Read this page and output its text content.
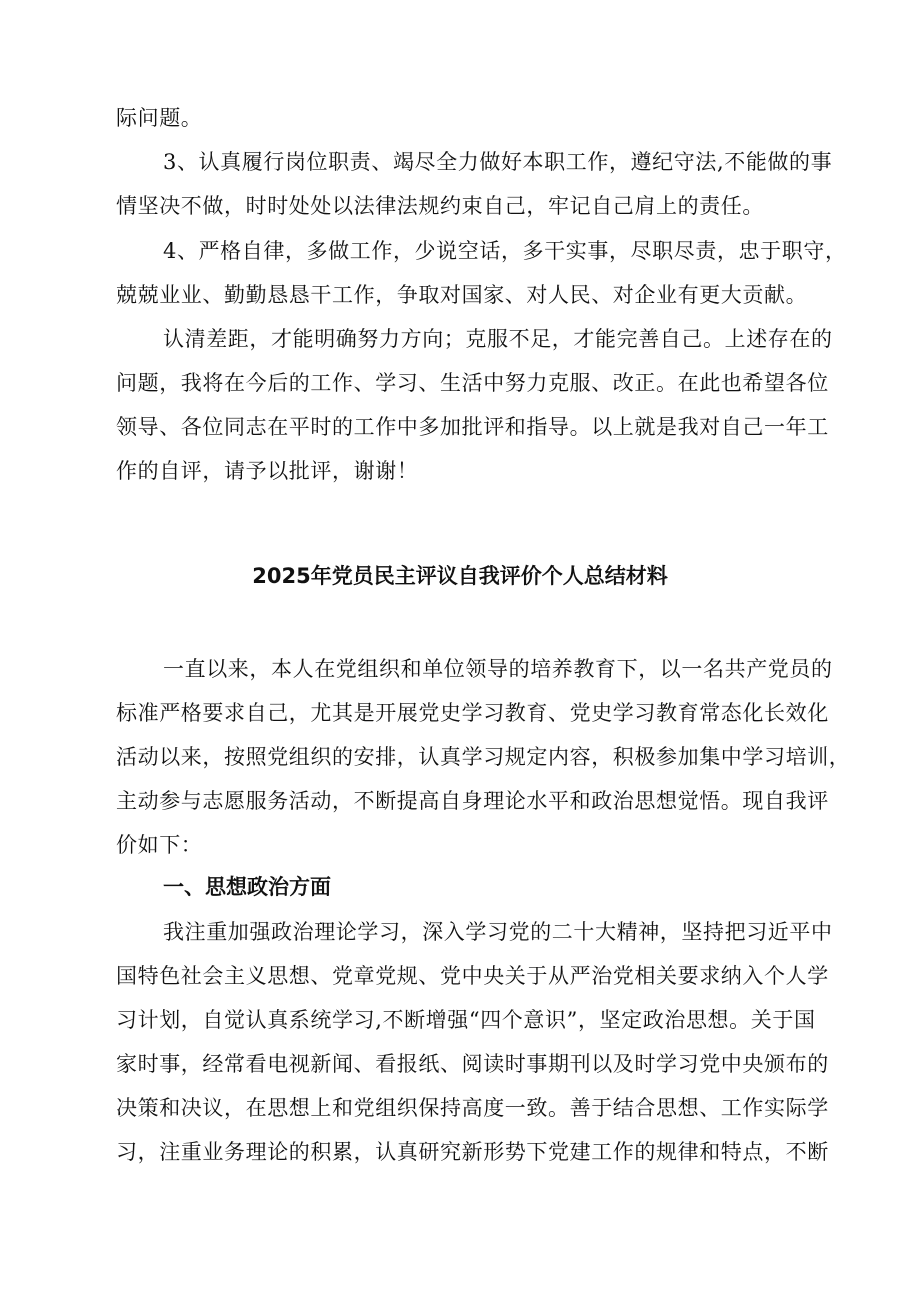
际问题。
3、认真履行岗位职责、竭尽全力做好本职工作，遵纪守法,不能做的事
情坚决不做，时时处处以法律法规约束自己，牢记自己肩上的责任。
4、严格自律，多做工作，少说空话，多干实事，尽职尽责，忠于职守，
兢兢业业、勤勤恳恳干工作，争取对国家、对人民、对企业有更大贡献。
认清差距，才能明确努力方向；克服不足，才能完善自己。上述存在的
问题，我将在今后的工作、学习、生活中努力克服、改正。在此也希望各位
领导、各位同志在平时的工作中多加批评和指导。以上就是我对自己一年工
作的自评，请予以批评，谢谢！
2025年党员民主评议自我评价个人总结材料
一直以来，本人在党组织和单位领导的培养教育下，以一名共产党员的
标准严格要求自己，尤其是开展党史学习教育、党史学习教育常态化长效化
活动以来，按照党组织的安排，认真学习规定内容，积极参加集中学习培训，
主动参与志愿服务活动，不断提高自身理论水平和政治思想觉悟。现自我评
价如下：
一、思想政治方面
我注重加强政治理论学习，深入学习党的二十大精神，坚持把习近平中
国特色社会主义思想、党章党规、党中央关于从严治党相关要求纳入个人学
习计划，自觉认真系统学习,不断增强“四个意识”，坚定政治思想。关于国
家时事，经常看电视新闻、看报纸、阅读时事期刊以及时学习党中央颁布的
决策和决议，在思想上和党组织保持高度一致。善于结合思想、工作实际学
习，注重业务理论的积累，认真研究新形势下党建工作的规律和特点，不断
